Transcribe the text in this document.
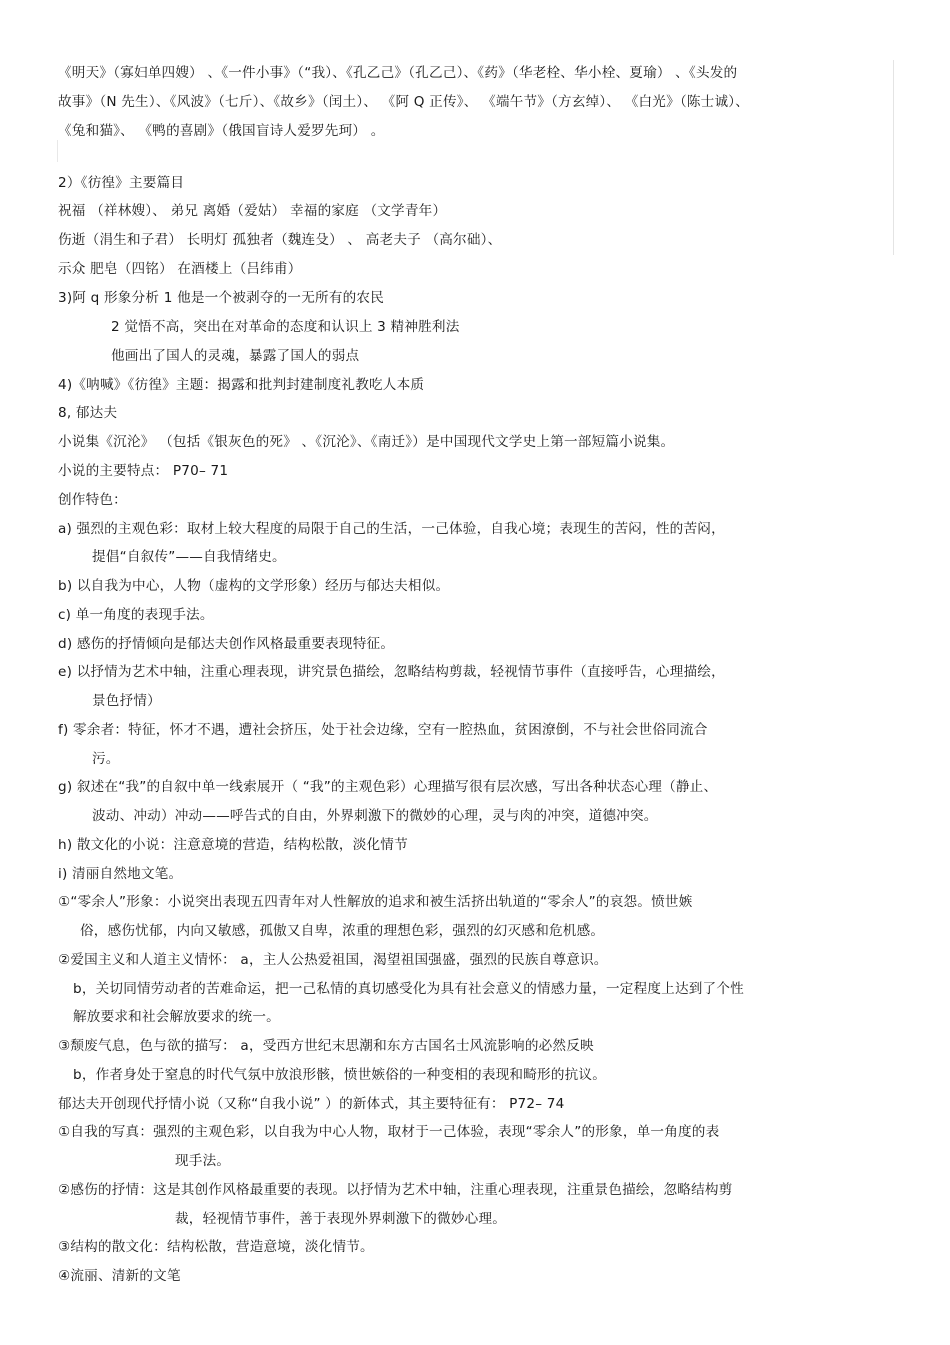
《明天》（寡妇单四嫂） 、《一件小事》（“我）、《孔乙己》（孔乙己）、《药》（华老栓、华小栓、夏瑜） 、《头发的
故事》（N 先生）、《风波》（七斤）、《故乡》（闰土）、 《阿 Q 正传》、 《端午节》（方玄绰）、 《白光》（陈士诚）、
《兔和猫》、 《鸭的喜剧》（俄国盲诗人爱罗先珂） 。
2）《彷徨》主要篇目
祝福 （祥林嫂）、 弟兄 离婚（爱姑） 幸福的家庭 （文学青年）
伤逝（涓生和子君） 长明灯 孤独者（魏连殳） 、 高老夫子 （高尔础）、
示众 肥皂（四铭） 在酒楼上（吕纬甫）
3)阿 q 形象分析 1 他是一个被剥夺的一无所有的农民
2 觉悟不高，突出在对革命的态度和认识上 3 精神胜利法
他画出了国人的灵魂，暴露了国人的弱点
4)《呐喊》《彷徨》主题：揭露和批判封建制度礼教吃人本质
8, 郁达夫
小说集《沉沦》 （包括《银灰色的死》 、《沉沦》、《南迁》）是中国现代文学史上第一部短篇小说集。
小说的主要特点： P70– 71
创作特色：
a) 强烈的主观色彩：取材上较大程度的局限于自己的生活，一己体验，自我心境；表现生的苦闷，性的苦闷，
提倡“自叙传”——自我情绪史。
b) 以自我为中心，人物（虚构的文学形象）经历与郁达夫相似。
c) 单一角度的表现手法。
d) 感伤的抒情倾向是郁达夫创作风格最重要表现特征。
e) 以抒情为艺术中轴，注重心理表现，讲究景色描绘，忽略结构剪裁，轻视情节事件（直接呼告，心理描绘，
景色抒情）
f) 零余者：特征，怀才不遇，遭社会挤压，处于社会边缘，空有一腔热血，贫困潦倒，不与社会世俗同流合
污。
g) 叙述在“我”的自叙中单一线索展开（ “我”的主观色彩）心理描写很有层次感，写出各种状态心理（静止、
波动、冲动）冲动——呼告式的自由，外界刺激下的微妙的心理，灵与肉的冲突，道德冲突。
h) 散文化的小说：注意意境的营造，结构松散，淡化情节
i) 清丽自然地文笔。
①“零余人”形象：小说突出表现五四青年对人性解放的追求和被生活挤出轨道的“零余人”的哀怨。愤世嫉
俗，感伤忧郁，内向又敏感，孤傲又自卑，浓重的理想色彩，强烈的幻灭感和危机感。
②爱国主义和人道主义情怀： a，主人公热爱祖国，渴望祖国强盛，强烈的民族自尊意识。
b，关切同情劳动者的苦难命运，把一己私情的真切感受化为具有社会意义的情感力量，一定程度上达到了个性
解放要求和社会解放要求的统一。
③颓废气息，色与欲的描写： a，受西方世纪末思潮和东方古国名士风流影响的必然反映
b，作者身处于窒息的时代气氛中放浪形骸，愤世嫉俗的一种变相的表现和畸形的抗议。
郁达夫开创现代抒情小说（又称“自我小说” ）的新体式，其主要特征有： P72– 74
①自我的写真：强烈的主观色彩，以自我为中心人物，取材于一己体验，表现“零余人”的形象，单一角度的表
现手法。
②感伤的抒情：这是其创作风格最重要的表现。以抒情为艺术中轴，注重心理表现，注重景色描绘，忽略结构剪
裁，轻视情节事件，善于表现外界刺激下的微妙心理。
③结构的散文化：结构松散，营造意境，淡化情节。
④流丽、清新的文笔
